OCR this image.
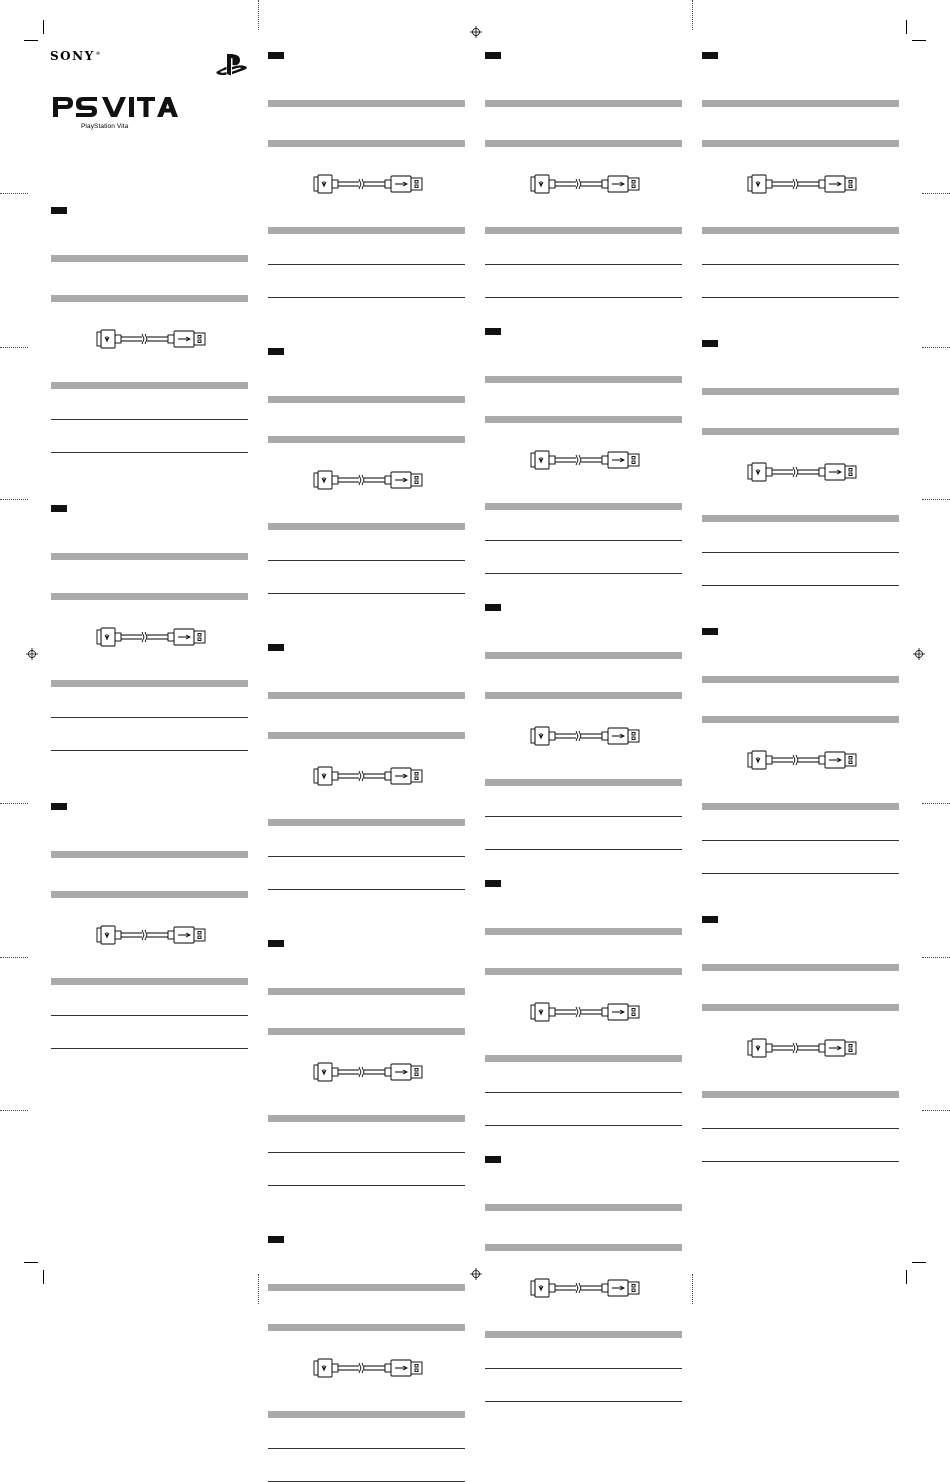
SONY®
PlayStation Vita
